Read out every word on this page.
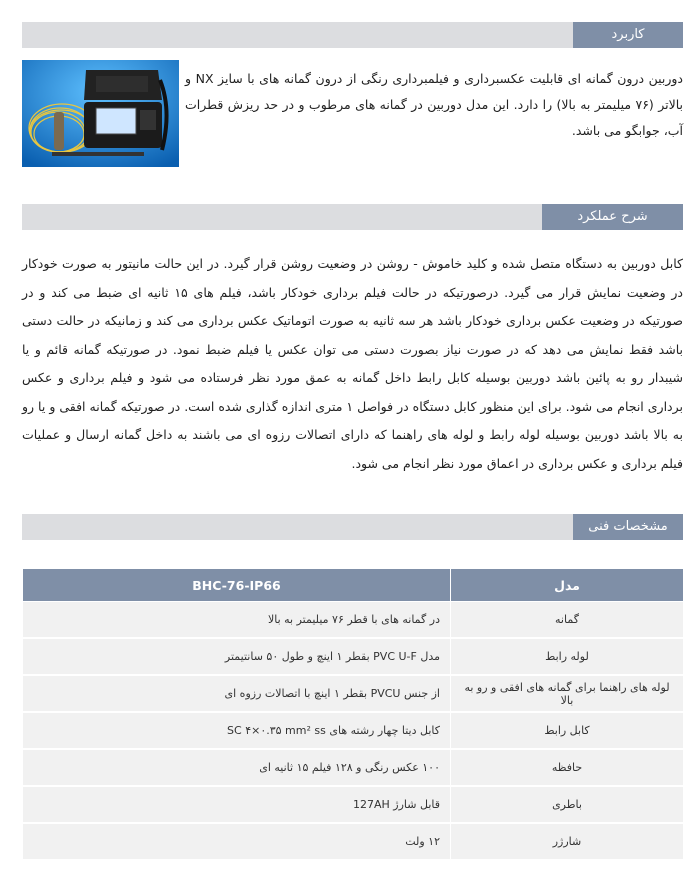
کاربرد
دوربین درون گمانه ای قابلیت عکسبرداری و فیلمبرداری رنگی از درون گمانه های با سایز NX و بالاتر (۷۶ میلیمتر به بالا) را دارد. این مدل دوربین در گمانه های مرطوب و در حد ریزش قطرات آب، جوابگو می باشد.
شرح عملکرد
کابل دوربین به دستگاه متصل شده و کلید خاموش - روشن در وضعیت روشن قرار گیرد. در این حالت مانیتور به صورت خودکار در وضعیت نمایش قرار می گیرد. درصورتیکه در حالت فیلم برداری خودکار باشد، فیلم های ۱۵ ثانیه ای ضبط می کند و در صورتیکه در وضعیت عکس برداری خودکار باشد هر سه ثانیه به صورت اتوماتیک عکس برداری می کند و زمانیکه در حالت دستی باشد فقط نمایش می دهد که در صورت نیاز بصورت دستی می توان عکس یا فیلم ضبط نمود. در صورتیکه گمانه قائم و یا شیبدار رو به پائین باشد دوربین بوسیله کابل رابط داخل گمانه به عمق مورد نظر فرستاده می شود و فیلم برداری و عکس برداری انجام می شود. برای این منظور کابل دستگاه در فواصل ۱ متری اندازه گذاری شده است. در صورتیکه گمانه افقی و یا رو به بالا باشد دوربین بوسیله لوله رابط و لوله های راهنما که دارای اتصالات رزوه ای می باشند به داخل گمانه ارسال و عملیات فیلم برداری و عکس برداری در اعماق مورد نظر انجام می شود.
مشخصات فنی
مدل	BHC-76-IP66
گمانه	در گمانه های با قطر ۷۶ میلیمتر به بالا
لوله رابط	مدل PVC U-F بقطر ۱ اینچ و طول ۵۰ سانتیمتر
لوله های راهنما برای گمانه های افقی و رو به بالا	از جنس PVCU بقطر ۱ اینچ با اتصالات رزوه ای
کابل رابط	کابل دیتا چهار رشته های SC ۴×۰.۳۵ mm² ss
حافظه	۱۰۰ عکس رنگی و ۱۲۸ فیلم ۱۵ ثانیه ای
باطری	قابل شارژ 127AH
شارژر	۱۲ ولت
